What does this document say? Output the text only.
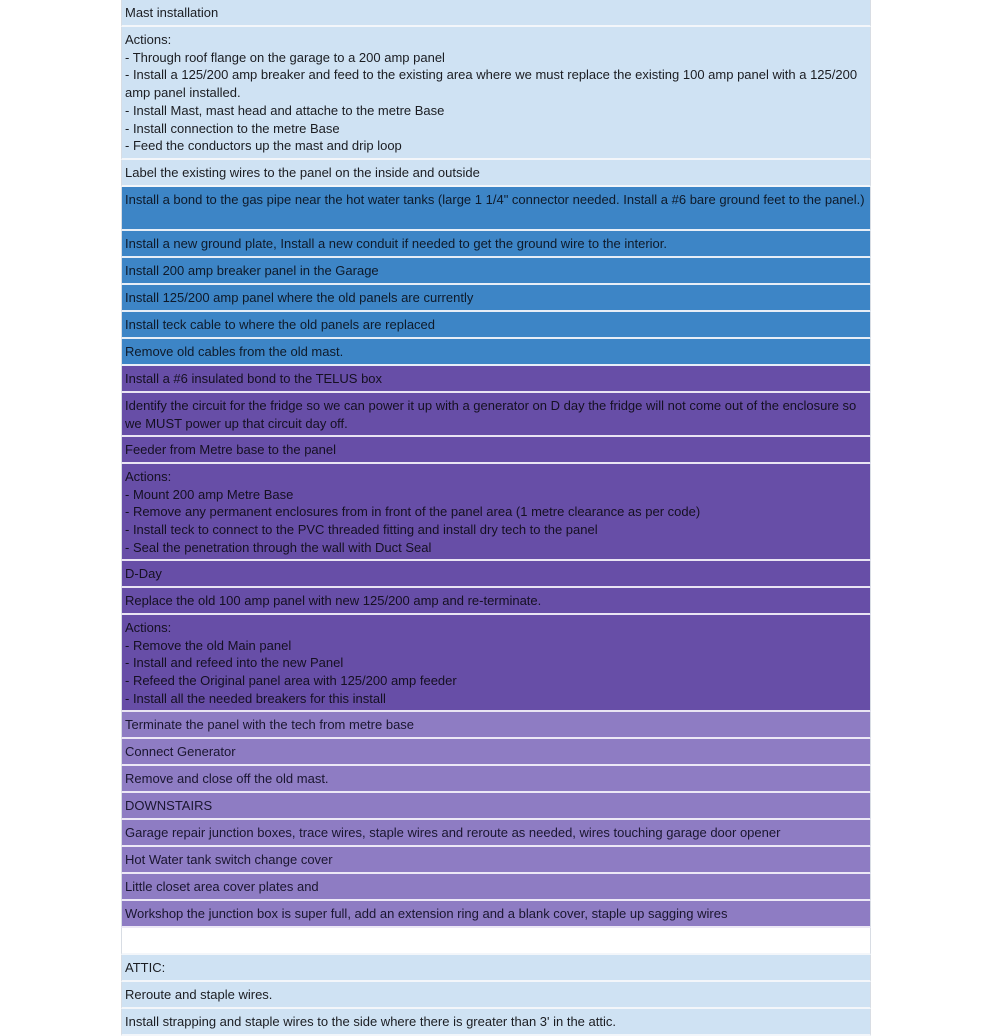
Mast installation
Actions:
- Through roof flange on the garage to a 200 amp panel
- Install a 125/200 amp breaker and feed to the existing area where we must replace the existing 100 amp panel with a 125/200 amp panel installed.
- Install Mast, mast head and attache to the metre Base
- Install connection to the metre Base
- Feed the conductors up the mast and drip loop
Label the existing wires to the panel on the inside and outside
Install a bond to the gas pipe near the hot water tanks (large 1 1/4" connector needed. Install a #6 bare ground feet to the panel.)
Install a new ground plate, Install a new conduit if needed to get the ground wire to the interior.
Install 200 amp breaker panel in the Garage
Install 125/200 amp panel where the old panels are currently
Install teck cable to where the old panels are replaced
Remove old cables from the old mast.
Install a #6 insulated bond to the TELUS box
Identify the circuit for the fridge so we can power it up with a generator on D day the fridge will not come out of the enclosure so we MUST power up that circuit day off.
Feeder from Metre base to the panel
Actions:
- Mount 200 amp Metre Base
- Remove any permanent enclosures from in front of the panel area (1 metre clearance as per code)
- Install teck to connect to the PVC threaded fitting and install dry tech to the panel
- Seal the penetration through the wall with Duct Seal
D-Day
Replace the old 100 amp panel with new 125/200 amp and re-terminate.
Actions:
- Remove the old Main panel
- Install and refeed into the new Panel
- Refeed the Original panel area with 125/200 amp feeder
- Install all the needed breakers for this install
Terminate the panel with the tech from metre base
Connect Generator
Remove and close off the old mast.
DOWNSTAIRS
Garage repair junction boxes, trace wires, staple wires and reroute as needed, wires touching garage door opener
Hot Water tank switch change cover
Little closet area cover plates and
Workshop the junction box is super full, add an extension ring and a blank cover, staple up sagging wires
ATTIC:
Reroute and staple wires.
Install strapping and staple wires to the side where there is greater than 3' in the attic.
